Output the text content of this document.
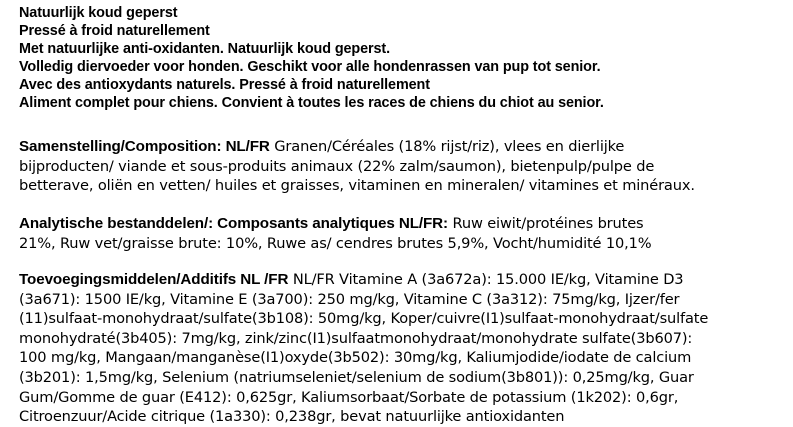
Natuurlijk koud geperst
Pressé à froid naturellement
Met natuurlijke anti-oxidanten. Natuurlijk koud geperst.
Volledig diervoeder voor honden. Geschikt voor alle hondenrassen van pup tot senior.
Avec des antioxydants naturels. Pressé à froid naturellement
Aliment complet pour chiens. Convient à toutes les races de chiens du chiot au senior.
Samenstelling/Composition: NL/FR Granen/Céréales (18% rijst/riz), vlees en dierlijke
bijproducten/ viande et sous-produits animaux (22% zalm/saumon), bietenpulp/pulpe de
betterave, oliën en vetten/ huiles et graisses, vitaminen en mineralen/ vitamines et minéraux.
Analytische bestanddelen/: Composants analytiques NL/FR: Ruw eiwit/protéines brutes
21%, Ruw vet/graisse brute: 10%, Ruwe as/ cendres brutes 5,9%, Vocht/humidité 10,1%
Toevoegingsmiddelen/Additifs NL /FR NL/FR Vitamine A (3a672a): 15.000 IE/kg, Vitamine D3
(3a671): 1500 IE/kg, Vitamine E (3a700): 250 mg/kg, Vitamine C (3a312): 75mg/kg, Ijzer/fer
(11)sulfaat-monohydraat/sulfate(3b108): 50mg/kg, Koper/cuivre(I1)sulfaat-monohydraat/sulfate
monohydraté(3b405): 7mg/kg, zink/zinc(I1)sulfaatmonohydraat/monohydrate sulfate(3b607):
100 mg/kg, Mangaan/manganèse(I1)oxyde(3b502): 30mg/kg, Kaliumjodide/iodate de calcium
(3b201): 1,5mg/kg, Selenium (natriumseleniet/selenium de sodium(3b801)): 0,25mg/kg, Guar
Gum/Gomme de guar (E412): 0,625gr, Kaliumsorbaat/Sorbate de potassium (1k202): 0,6gr,
Citroenzuur/Acide citrique (1a330): 0,238gr, bevat natuurlijke antioxidanten
